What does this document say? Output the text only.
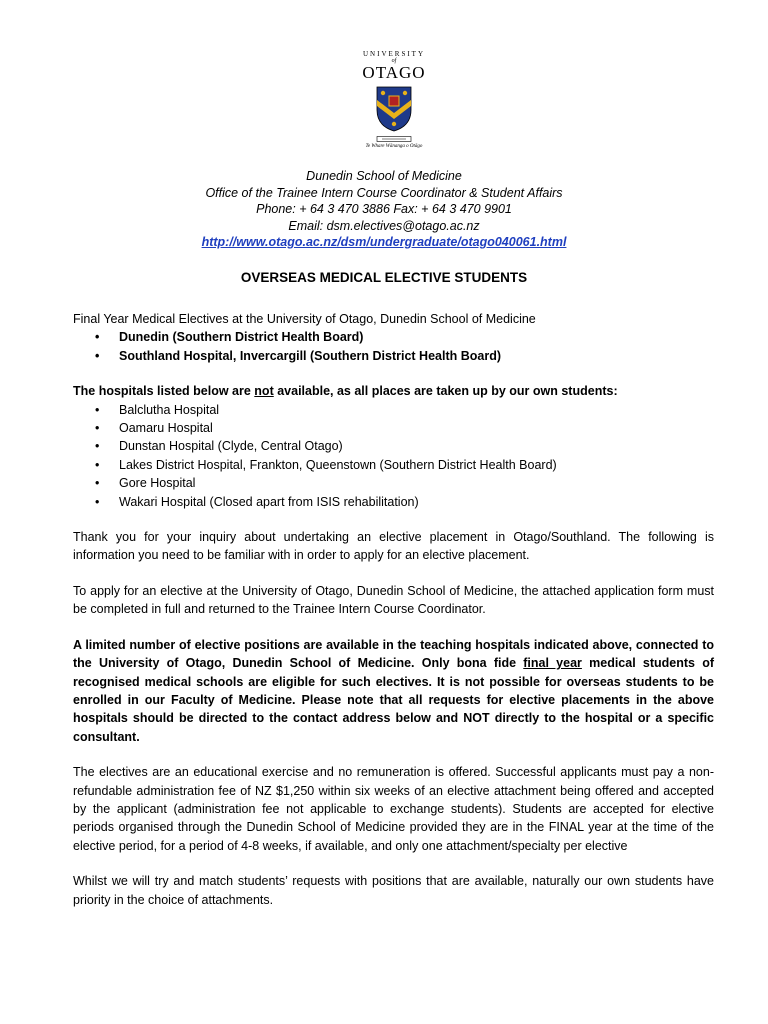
UNIVERSITY
of
OTAGO
Te Whare Wānanga o Otāgo
Dunedin School of Medicine
Office of the Trainee Intern Course Coordinator & Student Affairs
Phone: + 64 3 470 3886 Fax: + 64 3 470 9901
Email: dsm.electives@otago.ac.nz
http://www.otago.ac.nz/dsm/undergraduate/otago040061.html
OVERSEAS MEDICAL ELECTIVE STUDENTS

Final Year Medical Electives at the University of Otago, Dunedin School of Medicine

• Dunedin (Southern District Health Board)
• Southland Hospital, Invercargill (Southern District Health Board)

The hospitals listed below are not available, as all places are taken up by our own students:

• Balclutha Hospital
• Oamaru Hospital
• Dunstan Hospital (Clyde, Central Otago)
• Lakes District Hospital, Frankton, Queenstown (Southern District Health Board)
• Gore Hospital
• Wakari Hospital (Closed apart from ISIS rehabilitation)

Thank you for your inquiry about undertaking an elective placement in Otago/Southland. The following is information you need to be familiar with in order to apply for an elective placement.

To apply for an elective at the University of Otago, Dunedin School of Medicine, the attached application form must be completed in full and returned to the Trainee Intern Course Coordinator.

A limited number of elective positions are available in the teaching hospitals indicated above, connected to the University of Otago, Dunedin School of Medicine. Only bona fide final year medical students of recognised medical schools are eligible for such electives. It is not possible for overseas students to be enrolled in our Faculty of Medicine. Please note that all requests for elective placements in the above hospitals should be directed to the contact address below and NOT directly to the hospital or a specific consultant.

The electives are an educational exercise and no remuneration is offered. Successful applicants must pay a non-refundable administration fee of NZ $1,250 within six weeks of an elective attachment being offered and accepted by the applicant (administration fee not applicable to exchange students). Students are accepted for elective periods organised through the Dunedin School of Medicine provided they are in the FINAL year at the time of the elective period, for a period of 4-8 weeks, if available, and only one attachment/specialty per elective

Whilst we will try and match students’ requests with positions that are available, naturally our own students have priority in the choice of attachments.
